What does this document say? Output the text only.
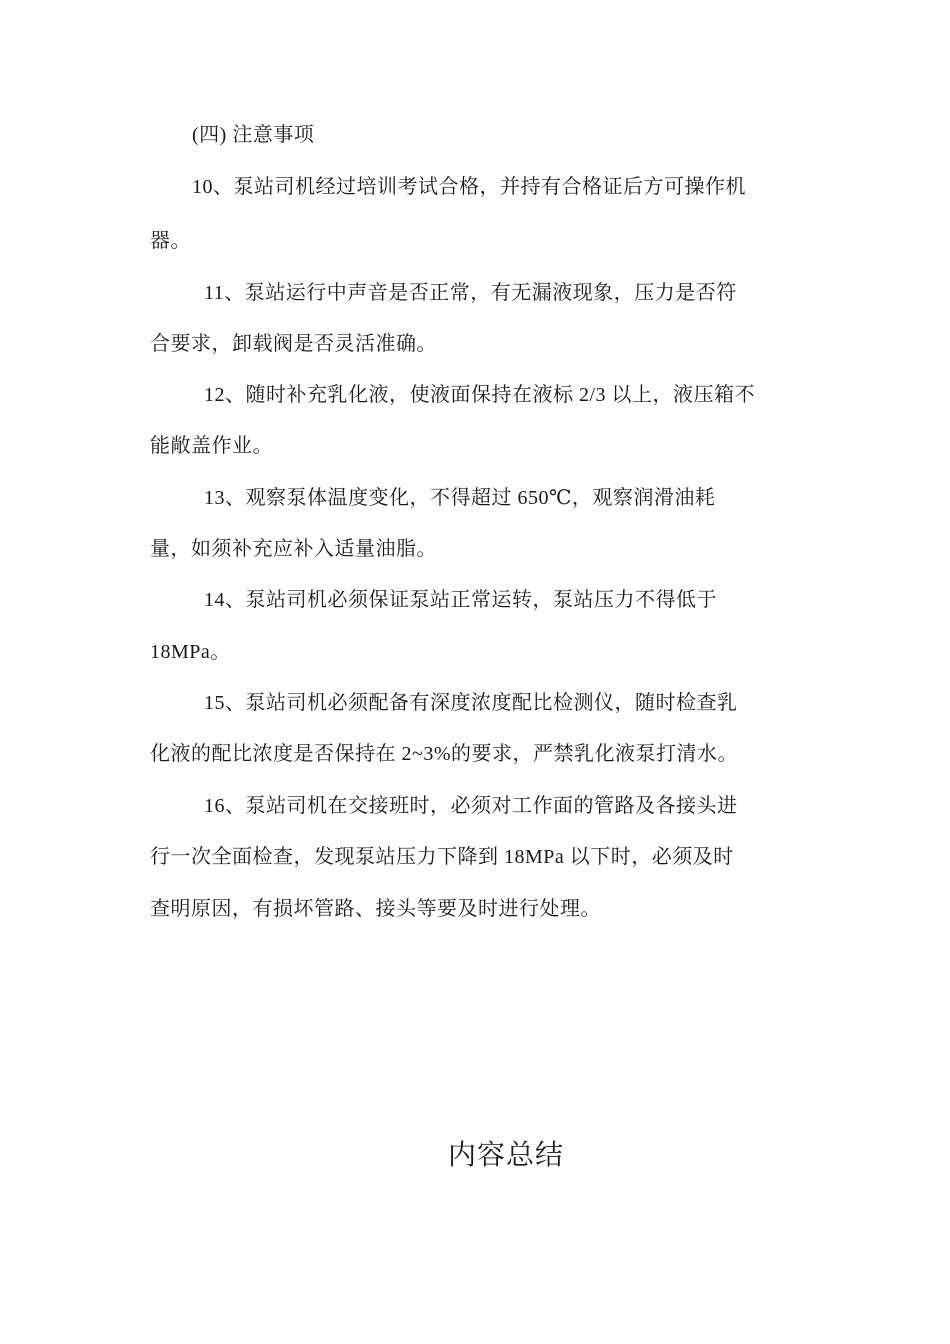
(四) 注意事项
10、泵站司机经过培训考试合格，并持有合格证后方可操作机
器。
11、泵站运行中声音是否正常，有无漏液现象，压力是否符
合要求，卸载阀是否灵活准确。
12、随时补充乳化液，使液面保持在液标 2/3 以上，液压箱不
能敞盖作业。
13、观察泵体温度变化，不得超过 650℃，观察润滑油耗
量，如须补充应补入适量油脂。
14、泵站司机必须保证泵站正常运转，泵站压力不得低于
18MPa。
15、泵站司机必须配备有深度浓度配比检测仪，随时检查乳
化液的配比浓度是否保持在 2~3%的要求，严禁乳化液泵打清水。
16、泵站司机在交接班时，必须对工作面的管路及各接头进
行一次全面检查，发现泵站压力下降到 18MPa 以下时，必须及时
查明原因，有损坏管路、接头等要及时进行处理。
内容总结
